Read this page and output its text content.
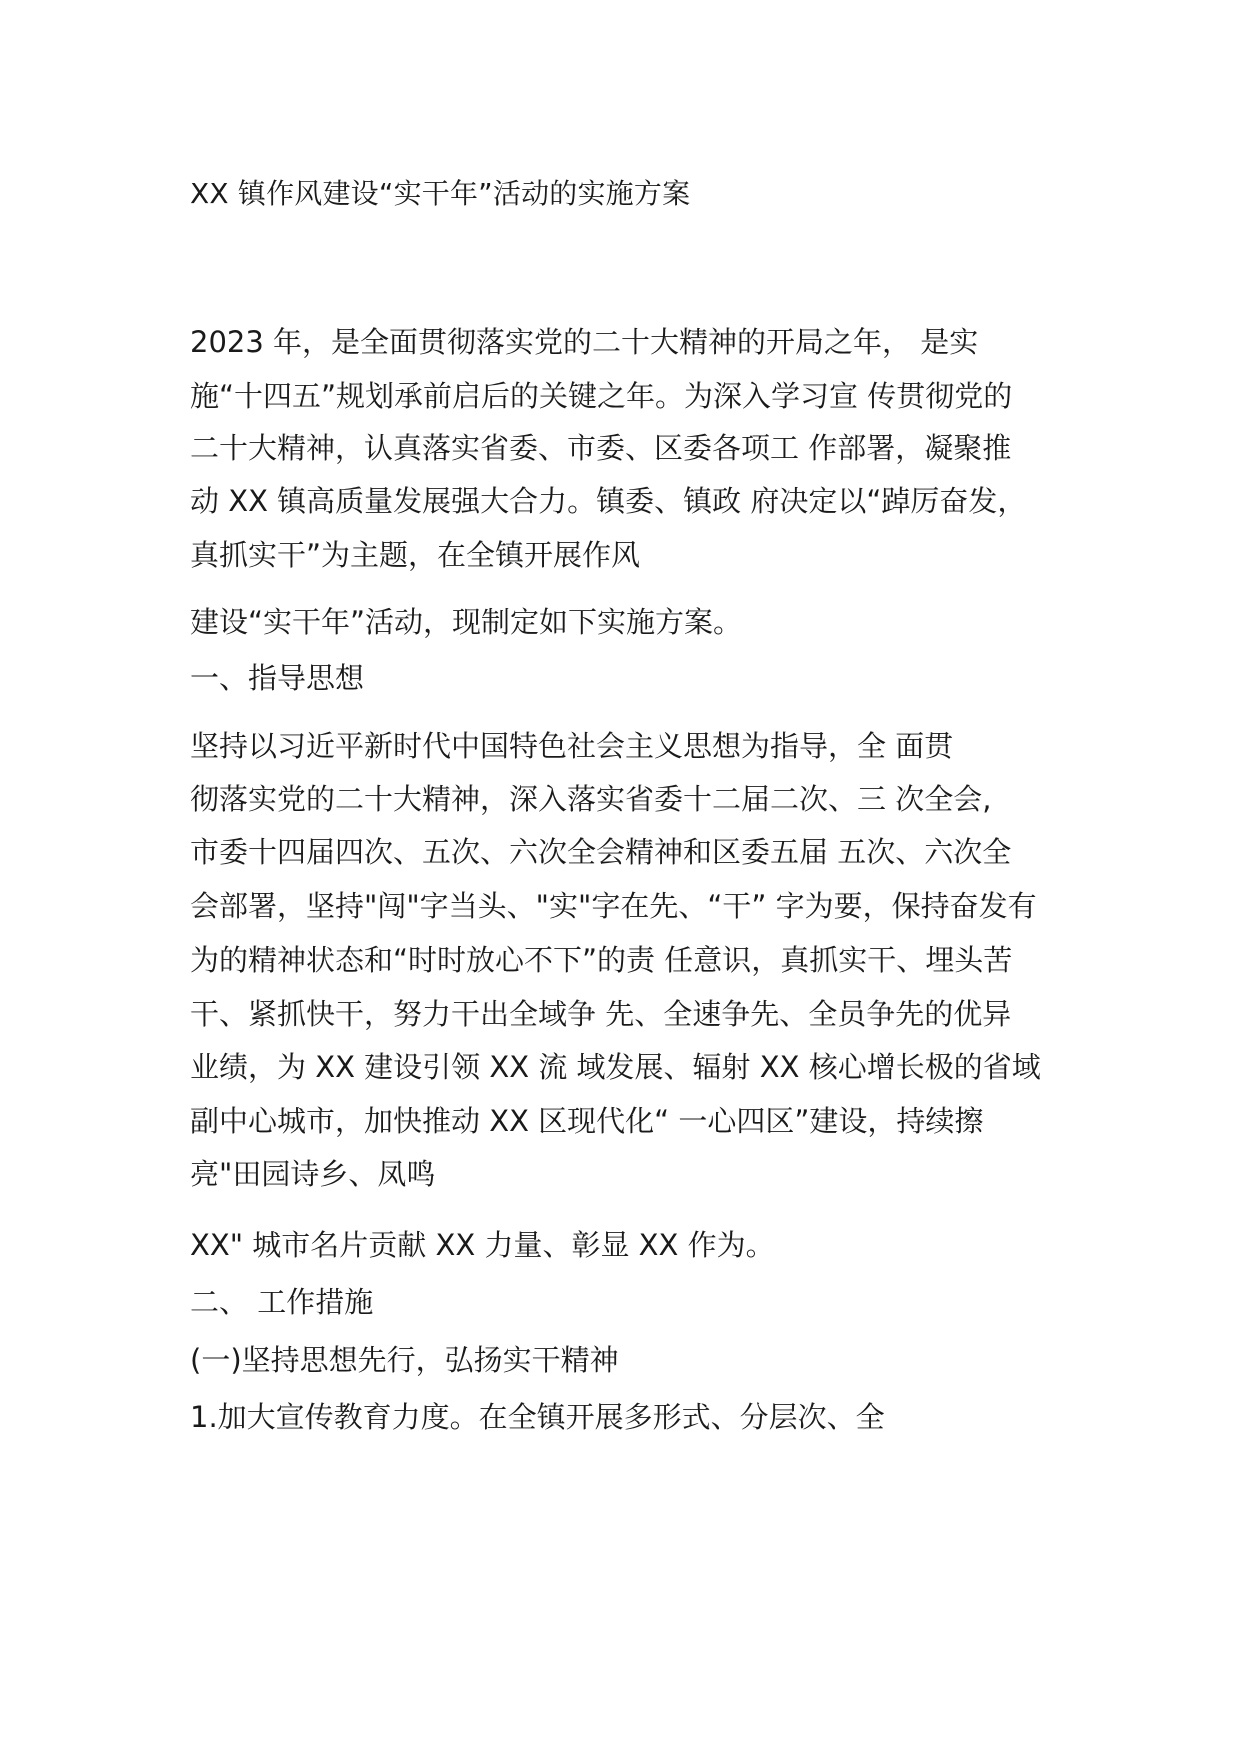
XX 镇作风建设“实干年”活动的实施方案

2023 年，是全面贯彻落实党的二十大精神的开局之年， 是实

施“十四五”规划承前启后的关键之年。为深入学习宣 传贯彻党的

二十大精神，认真落实省委、市委、区委各项工 作部署，凝聚推

动 XX 镇高质量发展强大合力。镇委、镇政 府决定以“踔厉奋发，

真抓实干”为主题，在全镇开展作风

建设“实干年”活动，现制定如下实施方案。

一、指导思想

坚持以习近平新时代中国特色社会主义思想为指导，全 面贯

彻落实党的二十大精神，深入落实省委十二届二次、三 次全会,

市委十四届四次、五次、六次全会精神和区委五届 五次、六次全

会部署，坚持"闯"字当头、"实"字在先、“干” 字为要，保持奋发有

为的精神状态和“时时放心不下”的责 任意识，真抓实干、埋头苦

干、紧抓快干，努力干出全域争 先、全速争先、全员争先的优异

业绩，为 XX 建设引领 XX 流 域发展、辐射 XX 核心增长极的省域

副中心城市，加快推动 XX 区现代化“ 一心四区”建设，持续擦

亮"田园诗乡、凤鸣

XX" 城市名片贡献 XX 力量、彰显 XX 作为。

二、 工作措施

(一)坚持思想先行，弘扬实干精神

1.加大宣传教育力度。在全镇开展多形式、分层次、全
